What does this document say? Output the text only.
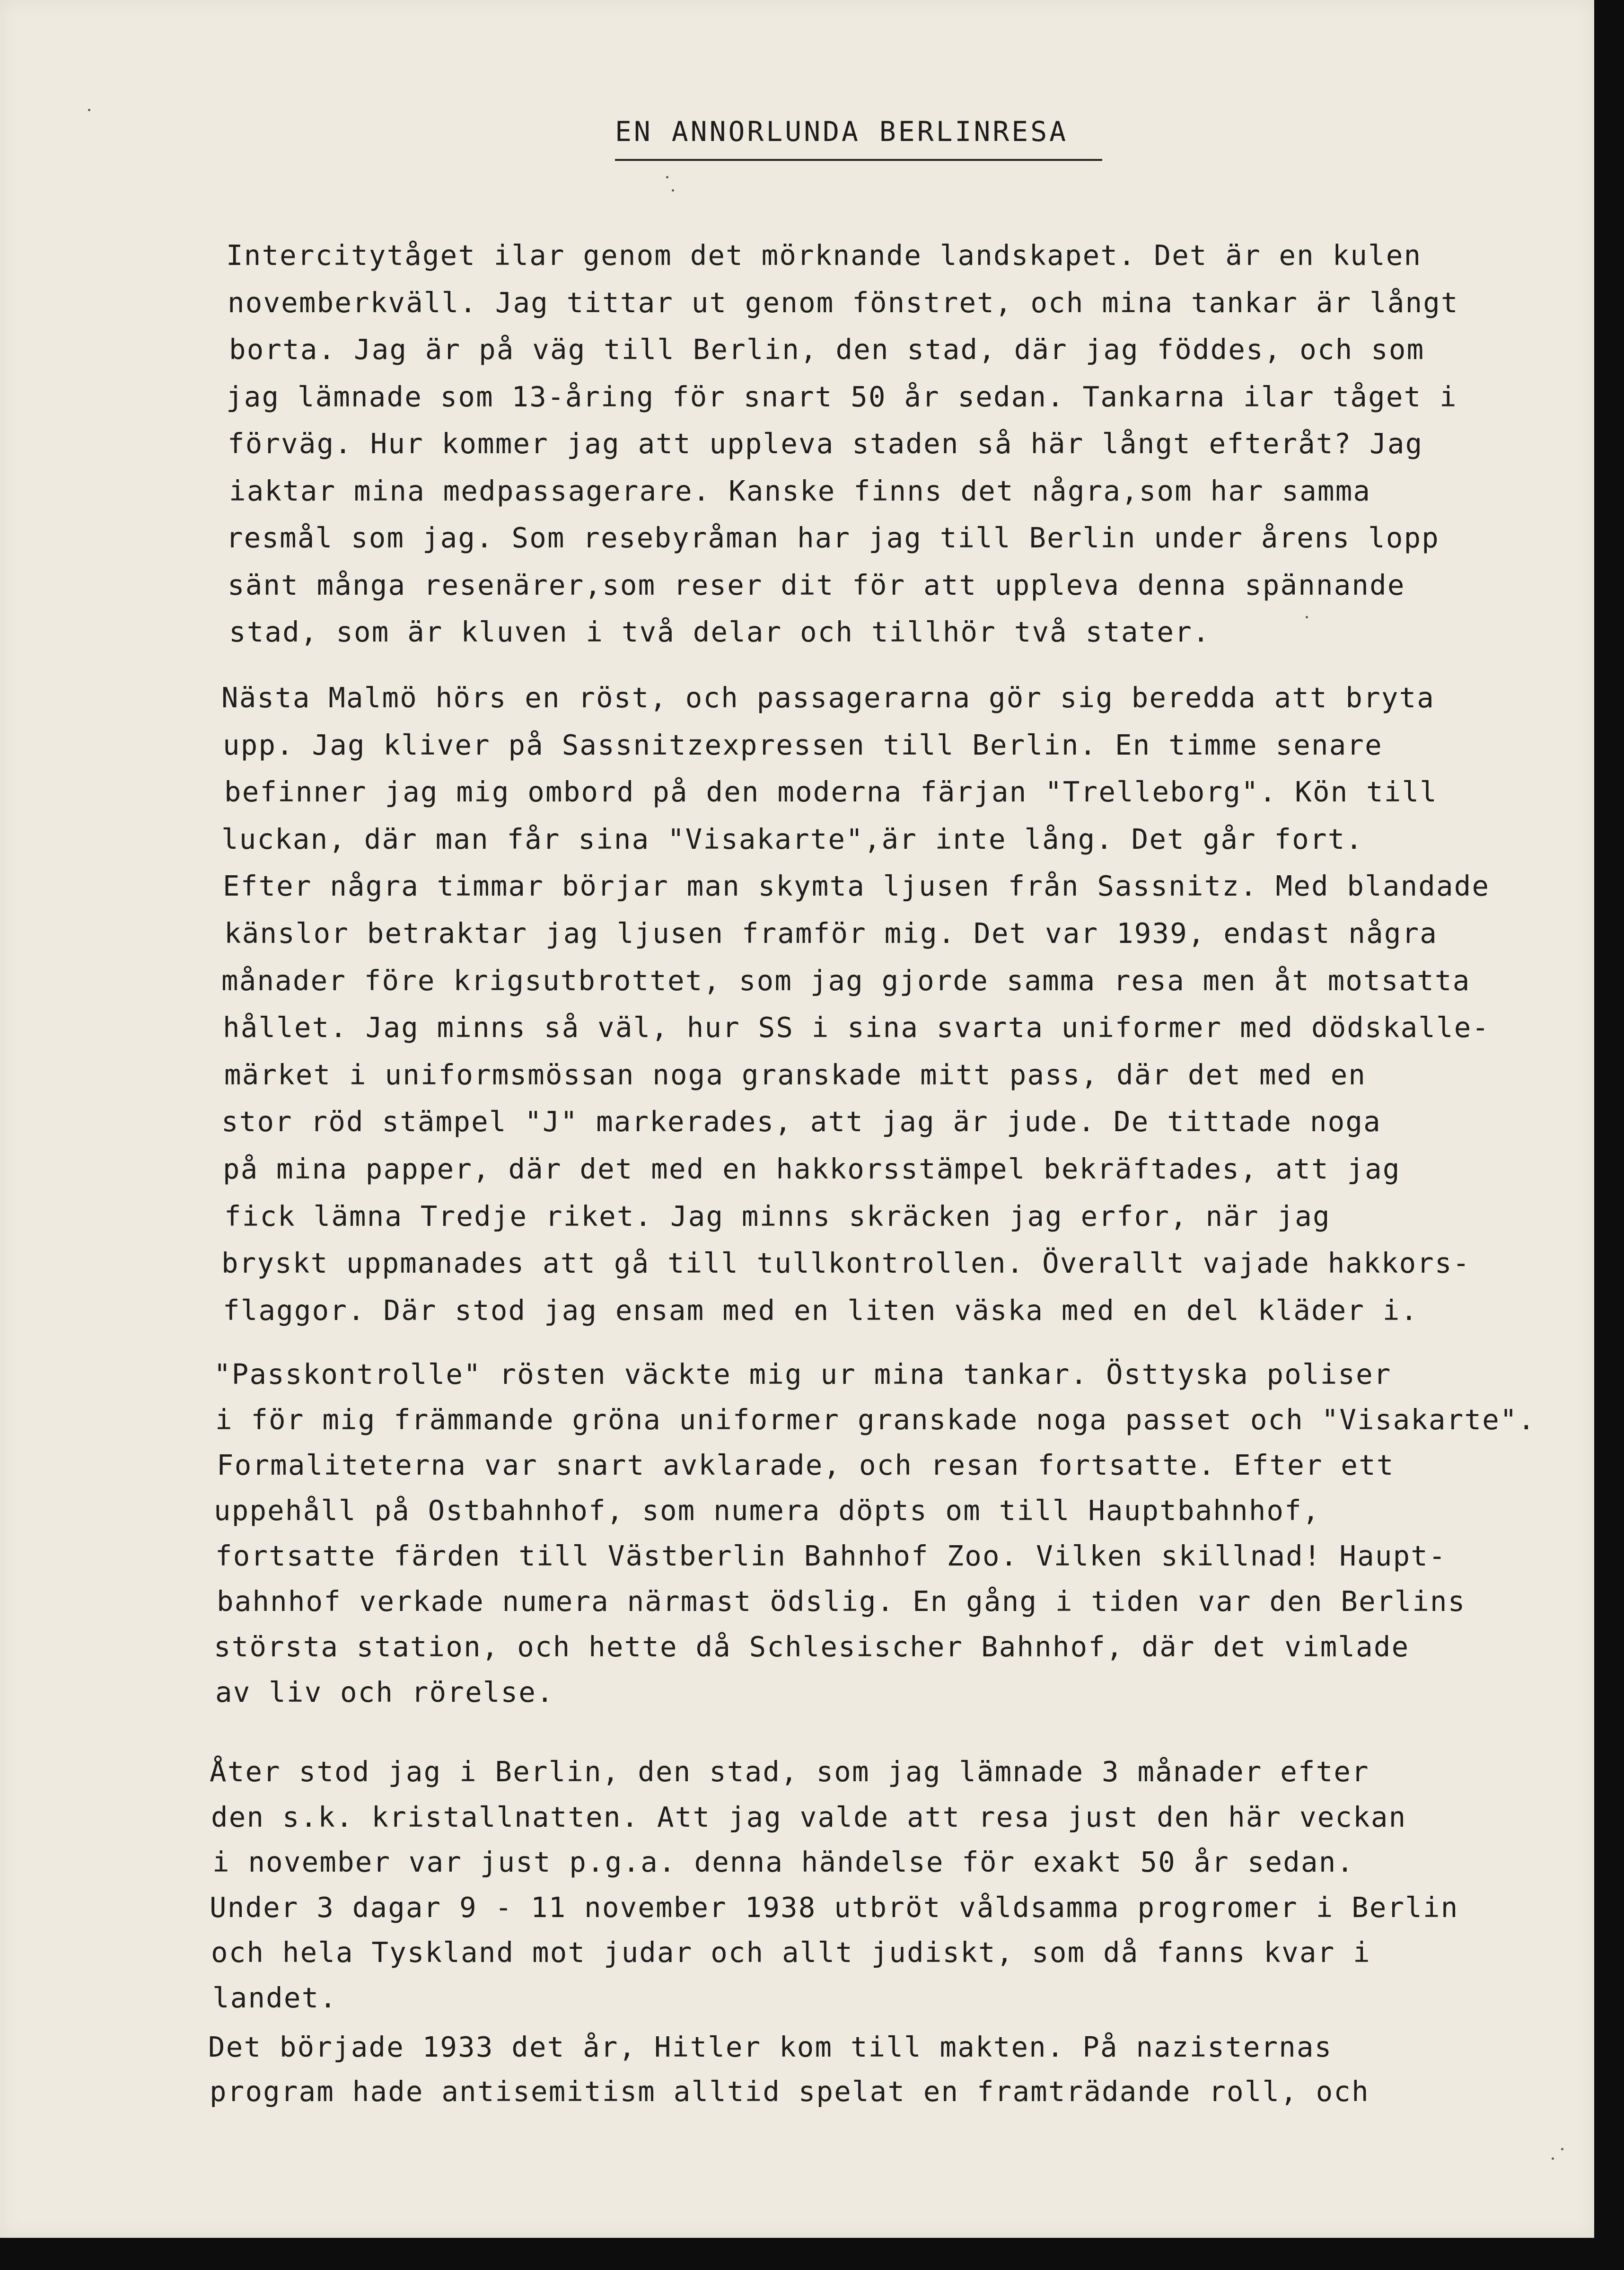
EN ANNORLUNDA BERLINRESA
Intercitytåget ilar genom det mörknande landskapet. Det är en kulen
novemberkväll. Jag tittar ut genom fönstret, och mina tankar är långt
borta. Jag är på väg till Berlin, den stad, där jag föddes, och som
jag lämnade som 13-åring för snart 50 år sedan. Tankarna ilar tåget i
förväg. Hur kommer jag att uppleva staden så här långt efteråt? Jag
iaktar mina medpassagerare. Kanske finns det några,som har samma
resmål som jag. Som resebyråman har jag till Berlin under årens lopp
sänt många resenärer,som reser dit för att uppleva denna spännande
stad, som är kluven i två delar och tillhör två stater.
Nästa Malmö hörs en röst, och passagerarna gör sig beredda att bryta
upp. Jag kliver på Sassnitzexpressen till Berlin. En timme senare
befinner jag mig ombord på den moderna färjan "Trelleborg". Kön till
luckan, där man får sina "Visakarte",är inte lång. Det går fort.
Efter några timmar börjar man skymta ljusen från Sassnitz. Med blandade
känslor betraktar jag ljusen framför mig. Det var 1939, endast några
månader före krigsutbrottet, som jag gjorde samma resa men åt motsatta
hållet. Jag minns så väl, hur SS i sina svarta uniformer med dödskalle-
märket i uniformsmössan noga granskade mitt pass, där det med en
stor röd stämpel "J" markerades, att jag är jude. De tittade noga
på mina papper, där det med en hakkorsstämpel bekräftades, att jag
fick lämna Tredje riket. Jag minns skräcken jag erfor, när jag
bryskt uppmanades att gå till tullkontrollen. Överallt vajade hakkors-
flaggor. Där stod jag ensam med en liten väska med en del kläder i.
"Passkontrolle" rösten väckte mig ur mina tankar. Östtyska poliser
i för mig främmande gröna uniformer granskade noga passet och "Visakarte".
Formaliteterna var snart avklarade, och resan fortsatte. Efter ett
uppehåll på Ostbahnhof, som numera döpts om till Hauptbahnhof,
fortsatte färden till Västberlin Bahnhof Zoo. Vilken skillnad! Haupt-
bahnhof verkade numera närmast ödslig. En gång i tiden var den Berlins
största station, och hette då Schlesischer Bahnhof, där det vimlade
av liv och rörelse.
Åter stod jag i Berlin, den stad, som jag lämnade 3 månader efter
den s.k. kristallnatten. Att jag valde att resa just den här veckan
i november var just p.g.a. denna händelse för exakt 50 år sedan.
Under 3 dagar 9 - 11 november 1938 utbröt våldsamma progromer i Berlin
och hela Tyskland mot judar och allt judiskt, som då fanns kvar i
landet.
Det började 1933 det år, Hitler kom till makten. På nazisternas
program hade antisemitism alltid spelat en framträdande roll, och
